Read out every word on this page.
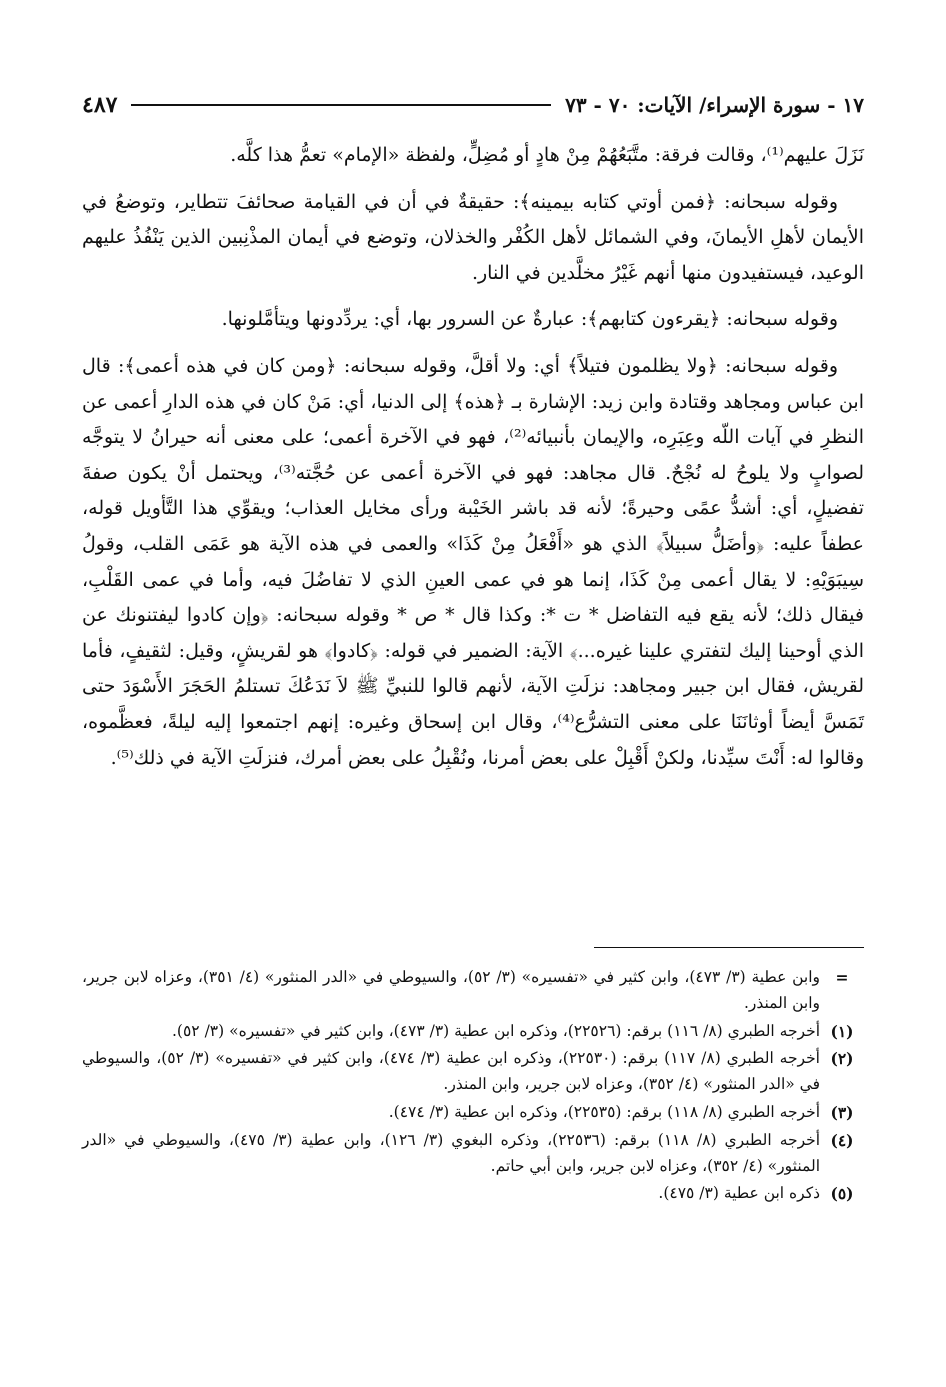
٤٨٧	١٧ - سورة الإسراء/ الآيات: ٧٠ - ٧٣

نَزَلَ عليهم⁽¹⁾، وقالت فرقة: متَّبَعُهُمْ مِنْ هادٍ أو مُضِلٍّ، ولفظة «الإمام» تعمُّ هذا كلَّه.

وقوله سبحانه: ﴿فمن أوتي كتابه بيمينه﴾: حقيقةٌ في أن في القيامة صحائفَ تتطاير، وتوضعُ في الأيمان لأهلِ الأيمانَ، وفي الشمائل لأهل الكُفْر والخذلان، وتوضع في أيمان المذْنِبين الذين يَنْفُذُ عليهم الوعيد، فيستفيدون منها أنهم غَيْرُ مخلَّدين في النار.

وقوله سبحانه: ﴿يقرءون كتابهم﴾: عبارةٌ عن السرور بها، أي: يردِّدونها ويتأمَّلونها.

وقوله سبحانه: ﴿ولا يظلمون فتيلاً﴾ أي: ولا أقلَّ، وقوله سبحانه: ﴿ومن كان في هذه أعمى﴾: قال ابن عباس ومجاهد وقتادة وابن زيد: الإشارة بـ ﴿هذه﴾ إلى الدنيا، أي: مَنْ كان في هذه الدارِ أعمى عن النظرِ في آيات اللّه وعِبَرِه، والإيمان بأنبيائه⁽²⁾، فهو في الآخرة أعمى؛ على معنى أنه حيرانُ لا يتوجَّه لصوابٍ ولا يلوحُ له نُجْحٌ. قال مجاهد: فهو في الآخرة أعمى عن حُجَّته⁽³⁾، ويحتمل أنْ يكون صفةَ تفضيلٍ، أي: أشدُّ عمًى وحيرةً؛ لأنه قد باشر الخَيْبة ورأى مخايل العذاب؛ ويقوِّي هذا التَّأويل قوله، عطفاً عليه: ﴿وأضَلُّ سبيلاً﴾ الذي هو «أَفْعَلُ مِنْ كَذَا» والعمى في هذه الآية هو عَمَى القلب، وقولُ سِيبَوَيْهِ: لا يقال أعمى مِنْ كَذَا، إنما هو في عمى العينِ الذي لا تفاضُلَ فيه، وأما في عمى القَلْبِ، فيقال ذلك؛ لأنه يقع فيه التفاضل * ت *: وكذا قال * ص * وقوله سبحانه: ﴿وإن كادوا ليفتنونك عن الذي أوحينا إليك لتفتري علينا غيره...﴾ الآية: الضمير في قوله: ﴿كادوا﴾ هو لقريشٍ، وقيل: لثقيفٍ، فأما لقريش، فقال ابن جبير ومجاهد: نزلَتِ الآية، لأنهم قالوا للنبيِّ ﷺ لاَ نَدَعُكَ تستلمُ الحَجَرَ الأَسْوَدَ حتى تَمَسَّ أيضاً أوثانَنَا على معنى التشرُّع⁽⁴⁾، وقال ابن إسحاق وغيره: إنهم اجتمعوا إليه ليلةً، فعظَّموه، وقالوا له: أَنْتَ سيِّدنا، ولكنْ أَقْبِلْ على بعض أمرنا، ونُقْبِلُ على بعض أمرك، فنزلَتِ الآية في ذلك⁽⁵⁾.

=
وابن عطية (٣/ ٤٧٣)، وابن كثير في «تفسيره» (٣/ ٥٢)، والسيوطي في «الدر المنثور» (٤/ ٣٥١)، وعزاه لابن جرير، وابن المنذر.
(١)
أخرجه الطبري (٨/ ١١٦) برقم: (٢٢٥٢٦)، وذكره ابن عطية (٣/ ٤٧٣)، وابن كثير في «تفسيره» (٣/ ٥٢).
(٢)
أخرجه الطبري (٨/ ١١٧) برقم: (٢٢٥٣٠)، وذكره ابن عطية (٣/ ٤٧٤)، وابن كثير في «تفسيره» (٣/ ٥٢)، والسيوطي في «الدر المنثور» (٤/ ٣٥٢)، وعزاه لابن جرير، وابن المنذر.
(٣)
أخرجه الطبري (٨/ ١١٨) برقم: (٢٢٥٣٥)، وذكره ابن عطية (٣/ ٤٧٤).
(٤)
أخرجه الطبري (٨/ ١١٨) برقم: (٢٢٥٣٦)، وذكره البغوي (٣/ ١٢٦)، وابن عطية (٣/ ٤٧٥)، والسيوطي في «الدر المنثور» (٤/ ٣٥٢)، وعزاه لابن جرير، وابن أبي حاتم.
(٥)
ذكره ابن عطية (٣/ ٤٧٥).
